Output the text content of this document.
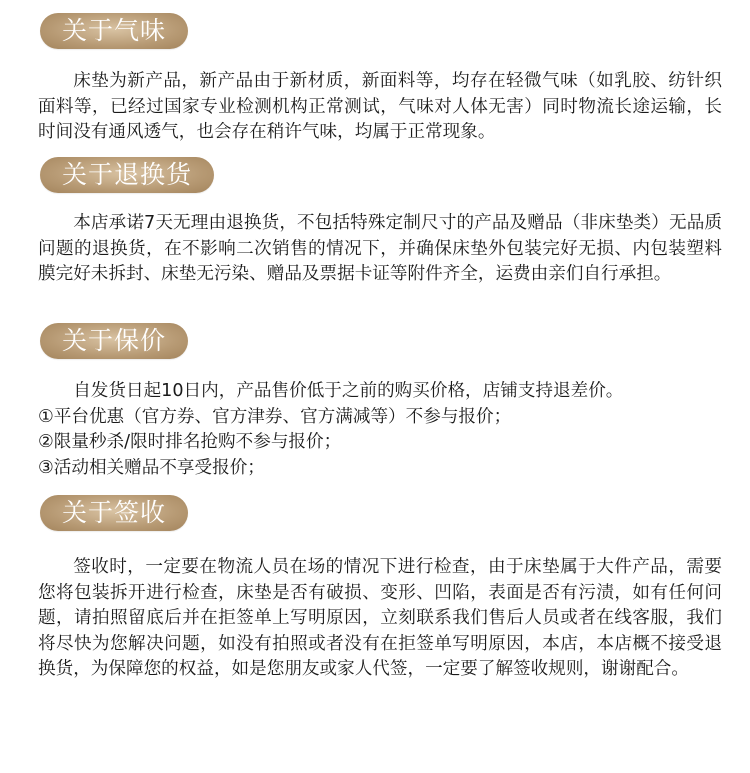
关于气味

床垫为新产品，新产品由于新材质，新面料等，均存在轻微气味（如乳胶、纺针织面料等，已经过国家专业检测机构正常测试，气味对人体无害）同时物流长途运输，长时间没有通风透气，也会存在稍许气味，均属于正常现象。

关于退换货

本店承诺7天无理由退换货，不包括特殊定制尺寸的产品及赠品（非床垫类）无品质问题的退换货，在不影响二次销售的情况下，并确保床垫外包装完好无损、内包装塑料膜完好未拆封、床垫无污染、赠品及票据卡证等附件齐全，运费由亲们自行承担。

关于保价
自发货日起10日内，产品售价低于之前的购买价格，店铺支持退差价。
①平台优惠（官方券、官方津券、官方满减等）不参与报价；
②限量秒杀/限时排名抢购不参与报价；
③活动相关赠品不享受报价；
关于签收

签收时，一定要在物流人员在场的情况下进行检查，由于床垫属于大件产品，需要您将包装拆开进行检查，床垫是否有破损、变形、凹陷，表面是否有污渍，如有任何问题，请拍照留底后并在拒签单上写明原因，立刻联系我们售后人员或者在线客服，我们将尽快为您解决问题，如没有拍照或者没有在拒签单写明原因，本店，本店概不接受退换货，为保障您的权益，如是您朋友或家人代签，一定要了解签收规则，谢谢配合。
